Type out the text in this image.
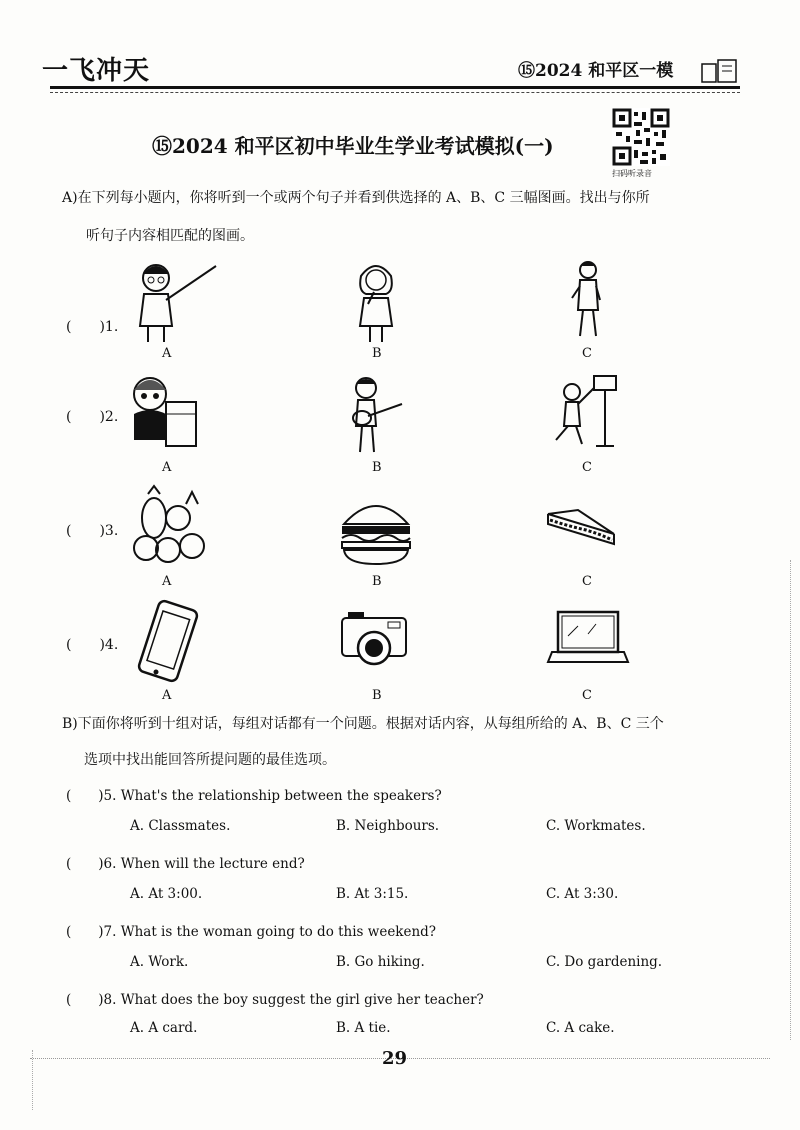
一飞冲天	⑮2024 和平区一模
⑮2024 和平区初中毕业生学业考试模拟(一)
扫码听录音
A)在下列每小题内，你将听到一个或两个句子并看到供选择的 A、B、C 三幅图画。找出与你所
听句子内容相匹配的图画。
(　　)1.
A	B	C
(　　)2.
A	B	C
(　　)3.
A	B	C
(　　)4.
A	B	C
B)下面你将听到十组对话，每组对话都有一个问题。根据对话内容，从每组所给的 A、B、C 三个
选项中找出能回答所提问题的最佳选项。
(　　)5. What's the relationship between the speakers?
A. Classmates.	B. Neighbours.	C. Workmates.
(　　)6. When will the lecture end?
A. At 3:00.	B. At 3:15.	C. At 3:30.
(　　)7. What is the woman going to do this weekend?
A. Work.	B. Go hiking.	C. Do gardening.
(　　)8. What does the boy suggest the girl give her teacher?
A. A card.	B. A tie.	C. A cake.
29
